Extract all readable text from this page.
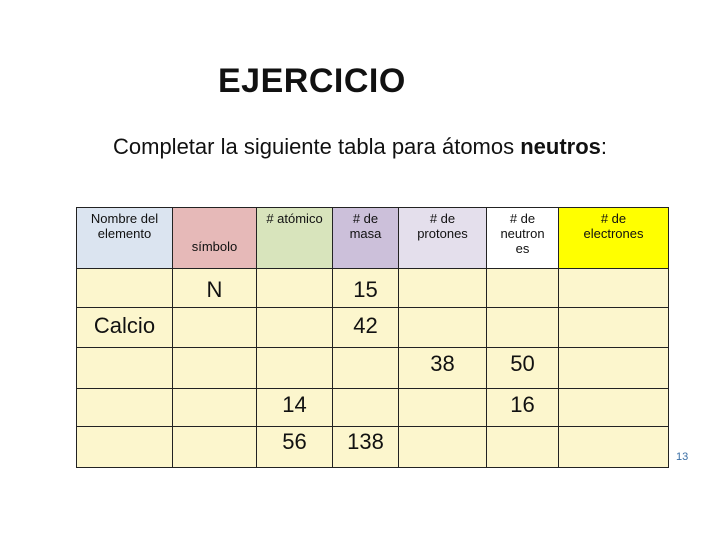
EJERCICIO
Completar la siguiente tabla para átomos neutros:
Nombre del elemento	símbolo	# atómico	# de masa	# de protones	# de neutron es	# de electrones

	N		15			

Calcio			42			

				38	50	

		14			16	

		56	138			

13
